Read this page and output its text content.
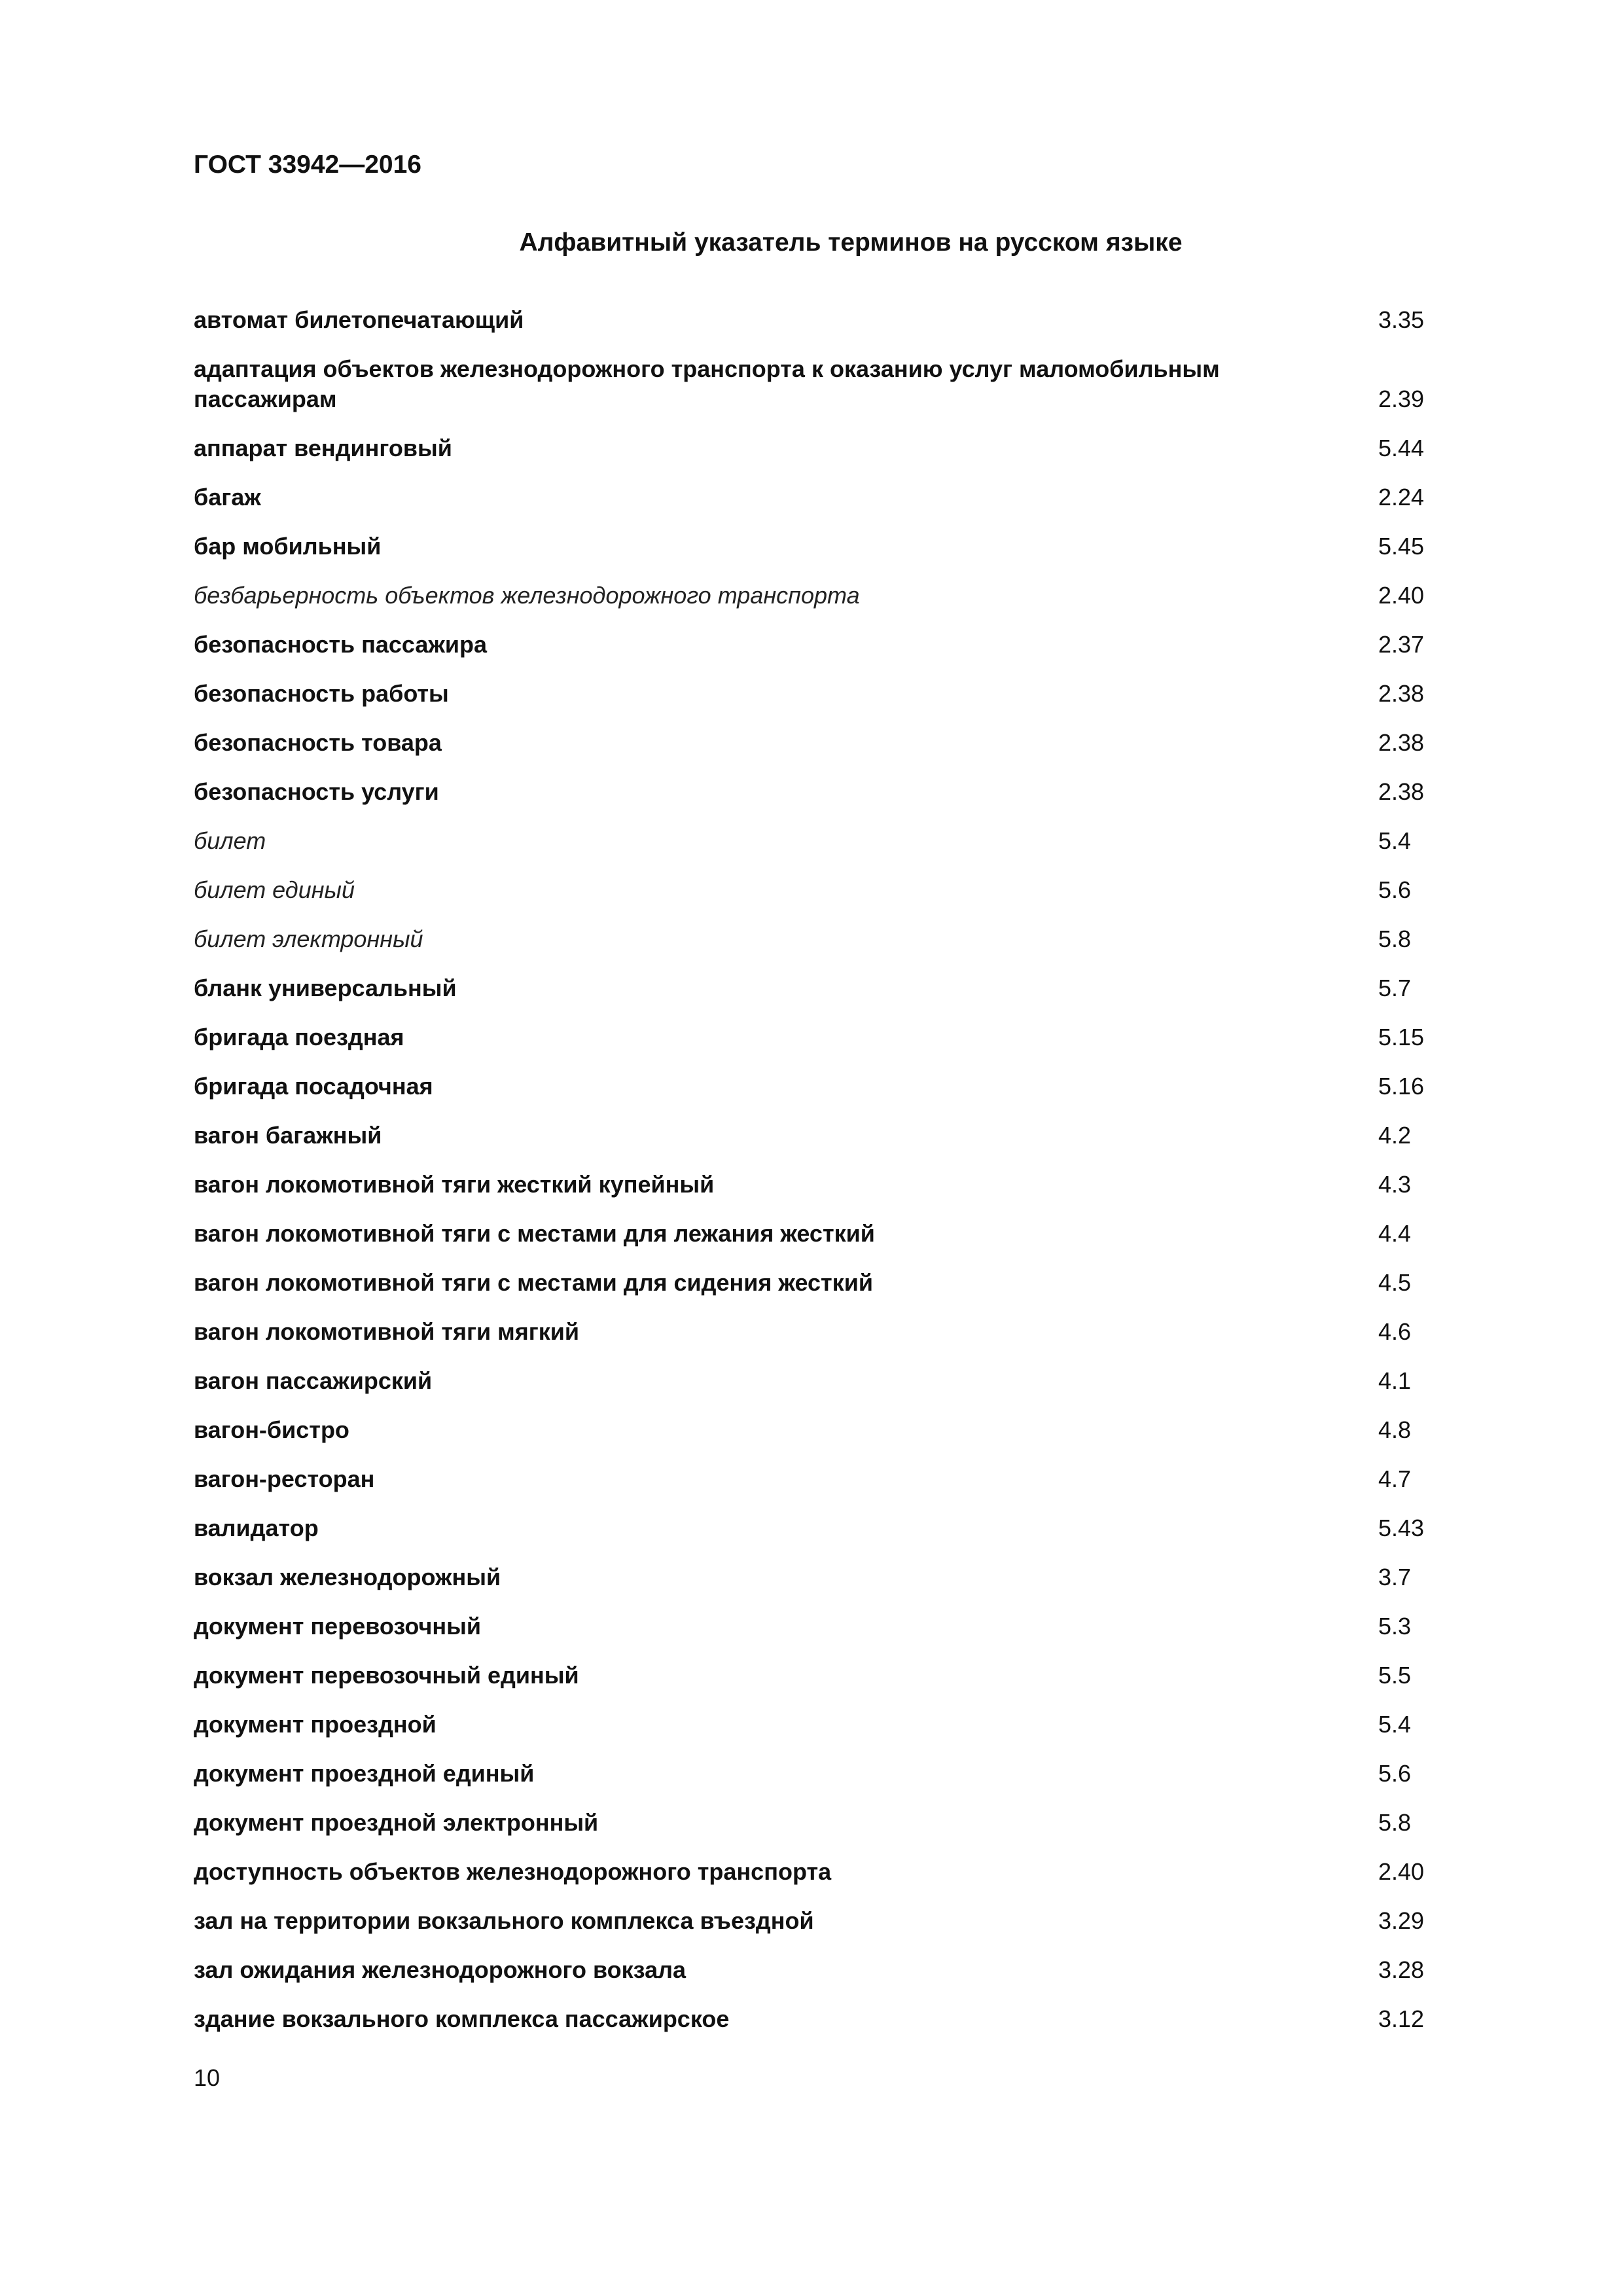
ГОСТ 33942—2016
Алфавитный указатель терминов на русском языке
автомат билетопечатающий	3.35
адаптация объектов железнодорожного транспорта к оказанию услуг маломобильным пассажирам	2.39
аппарат вендинговый	5.44
багаж	2.24
бар мобильный	5.45
безбарьерность объектов железнодорожного транспорта	2.40
безопасность пассажира	2.37
безопасность работы	2.38
безопасность товара	2.38
безопасность услуги	2.38
билет	5.4
билет единый	5.6
билет электронный	5.8
бланк универсальный	5.7
бригада поездная	5.15
бригада посадочная	5.16
вагон багажный	4.2
вагон локомотивной тяги жесткий купейный	4.3
вагон локомотивной тяги с местами для лежания жесткий	4.4
вагон локомотивной тяги с местами для сидения жесткий	4.5
вагон локомотивной тяги мягкий	4.6
вагон пассажирский	4.1
вагон-бистро	4.8
вагон-ресторан	4.7
валидатор	5.43
вокзал железнодорожный	3.7
документ перевозочный	5.3
документ перевозочный единый	5.5
документ проездной	5.4
документ проездной единый	5.6
документ проездной электронный	5.8
доступность объектов железнодорожного транспорта	2.40
зал на территории вокзального комплекса въездной	3.29
зал ожидания железнодорожного вокзала	3.28
здание вокзального комплекса пассажирское	3.12
10
